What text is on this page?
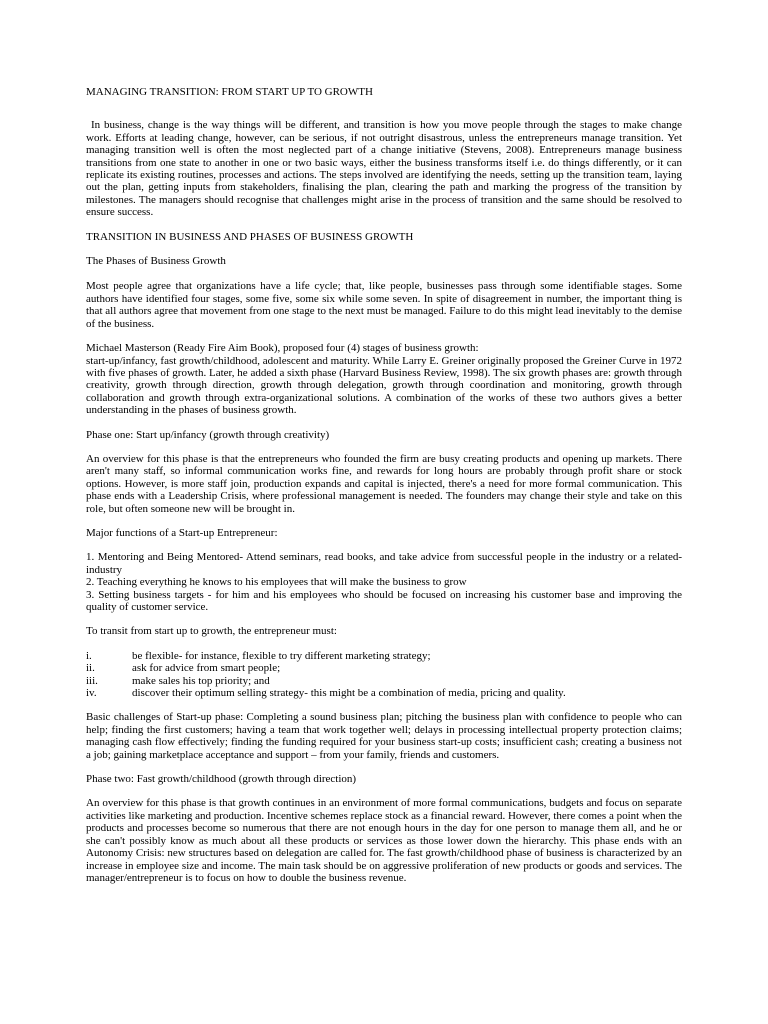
MANAGING TRANSITION: FROM START UP TO GROWTH

In business, change is the way things will be different, and transition is how you move people through the stages to make change work. Efforts at leading change, however, can be serious, if not outright disastrous, unless the entrepreneurs manage transition. Yet managing transition well is often the most neglected part of a change initiative (Stevens, 2008). Entrepreneurs manage business transitions from one state to another in one or two basic ways, either the business transforms itself i.e. do things differently, or it can replicate its existing routines, processes and actions. The steps involved are identifying the needs, setting up the transition team, laying out the plan, getting inputs from stakeholders, finalising the plan, clearing the path and marking the progress of the transition by milestones. The managers should recognise that challenges might arise in the process of transition and the same should be resolved to ensure success.

TRANSITION IN BUSINESS AND PHASES OF BUSINESS GROWTH

The Phases of Business Growth

Most people agree that organizations have a life cycle; that, like people, businesses pass through some identifiable stages. Some authors have identified four stages, some five, some six while some seven. In spite of disagreement in number, the important thing is that all authors agree that movement from one stage to the next must be managed. Failure to do this might lead inevitably to the demise of the business.

Michael Masterson (Ready Fire Aim Book), proposed four (4) stages of business growth:

start-up/infancy, fast growth/childhood, adolescent and maturity. While Larry E. Greiner originally proposed the Greiner Curve in 1972 with five phases of growth. Later, he added a sixth phase (Harvard Business Review, 1998). The six growth phases are: growth through creativity, growth through direction, growth through delegation, growth through coordination and monitoring, growth through collaboration and growth through extra-organizational solutions. A combination of the works of these two authors gives a better understanding in the phases of business growth.

Phase one: Start up/infancy (growth through creativity)

An overview for this phase is that the entrepreneurs who founded the firm are busy creating products and opening up markets. There aren't many staff, so informal communication works fine, and rewards for long hours are probably through profit share or stock options. However, is more staff join, production expands and capital is injected, there's a need for more formal communication. This phase ends with a Leadership Crisis, where professional management is needed. The founders may change their style and take on this role, but often someone new will be brought in.

Major functions of a Start-up Entrepreneur:

1. Mentoring and Being Mentored- Attend seminars, read books, and take advice from successful people in the industry or a related-industry

2. Teaching everything he knows to his employees that will make the business to grow

3. Setting business targets - for him and his employees who should be focused on increasing his customer base and improving the quality of customer service.

To transit from start up to growth, the entrepreneur must:

i.	be flexible- for instance, flexible to try different marketing strategy;
ii.	ask for advice from smart people;
iii.	make sales his top priority; and
iv.	discover their optimum selling strategy- this might be a combination of media, pricing and quality.

Basic challenges of Start-up phase: Completing a sound business plan; pitching the business plan with confidence to people who can help; finding the first customers; having a team that work together well; delays in processing intellectual property protection claims; managing cash flow effectively; finding the funding required for your business start-up costs; insufficient cash; creating a business not a job; gaining marketplace acceptance and support – from your family, friends and customers.

Phase two: Fast growth/childhood (growth through direction)

An overview for this phase is that growth continues in an environment of more formal communications, budgets and focus on separate activities like marketing and production. Incentive schemes replace stock as a financial reward. However, there comes a point when the products and processes become so numerous that there are not enough hours in the day for one person to manage them all, and he or she can't possibly know as much about all these products or services as those lower down the hierarchy. This phase ends with an Autonomy Crisis: new structures based on delegation are called for. The fast growth/childhood phase of business is characterized by an increase in employee size and income. The main task should be on aggressive proliferation of new products or goods and services. The manager/entrepreneur is to focus on how to double the business revenue.
